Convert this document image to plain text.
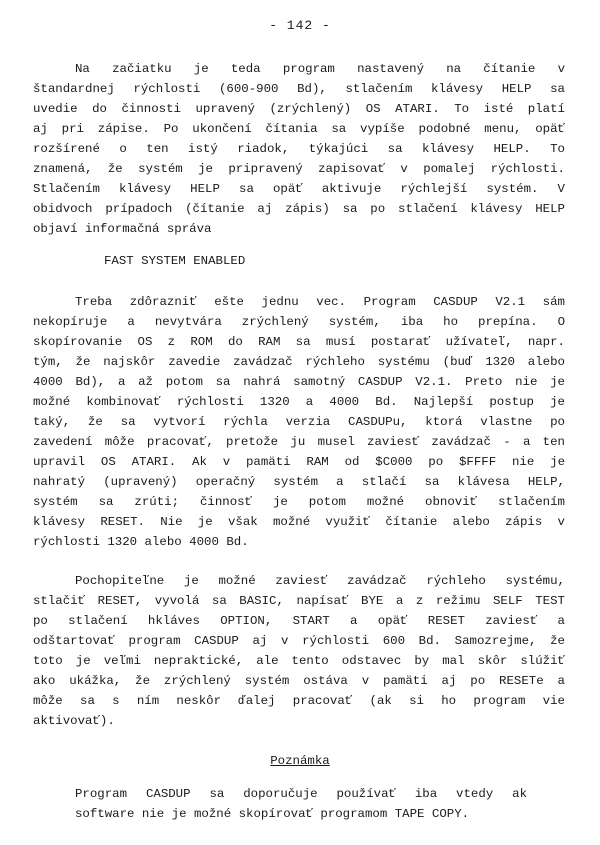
- 142 -
Na začiatku je teda program nastavený na čítanie v
štandardnej rýchlosti (600-900 Bd), stlačením klávesy HELP sa
uvedie do činnosti upravený (zrýchlený) OS ATARI. To isté platí
aj pri zápise. Po ukončení čítania sa vypíše podobné menu, opäť
rozšírené o ten istý riadok, týkajúci sa klávesy HELP. To
znamená, že systém je pripravený zapisovať v pomalej rýchlosti.
Stlačením klávesy HELP sa opäť aktivuje rýchlejší systém. V
obidvoch prípadoch (čítanie aj zápis) sa po stlačení klávesy HELP
objaví informačná správa
FAST SYSTEM ENABLED
Treba zdôrazniť ešte jednu vec. Program CASDUP V2.1 sám
nekopíruje a nevytvára zrýchlený systém, iba ho prepína. O
skopírovanie OS z ROM do RAM sa musí postarať užívateľ, napr.
tým, že najskôr zavedie zavádzač rýchleho systému (buď 1320 alebo
4000 Bd), a až potom sa nahrá samotný CASDUP V2.1. Preto nie je
možné kombinovať rýchlosti 1320 a 4000 Bd. Najlepší postup je
taký, že sa vytvorí rýchla verzia CASDUPu, ktorá vlastne po
zavedení môže pracovať, pretože ju musel zaviesť zavádzač - a ten
upravil OS ATARI. Ak v pamäti RAM od $C000 po $FFFF nie je
nahratý (upravený) operačný systém a stlačí sa klávesa HELP,
systém sa zrúti; činnosť je potom možné obnoviť stlačením
klávesy RESET. Nie je však možné využiť čítanie alebo zápis v
rýchlosti 1320 alebo 4000 Bd.
Pochopiteľne je možné zaviesť zavádzač rýchleho systému,
stlačiť RESET, vyvolá sa BASIC, napísať BYE a z režimu SELF TEST
po stlačení hkláves OPTION, START a opäť RESET zaviesť a
odštartovať program CASDUP aj v rýchlosti 600 Bd. Samozrejme, že
toto je veľmi nepraktické, ale tento odstavec by mal skôr slúžiť
ako ukážka, že zrýchlený systém ostáva v pamäti aj po RESETe a
môže sa s ním neskôr ďalej pracovať (ak si ho program vie
aktivovať).
Poznámka
Program CASDUP sa doporučuje používať iba vtedy ak
software nie je možné skopírovať programom TAPE COPY.
